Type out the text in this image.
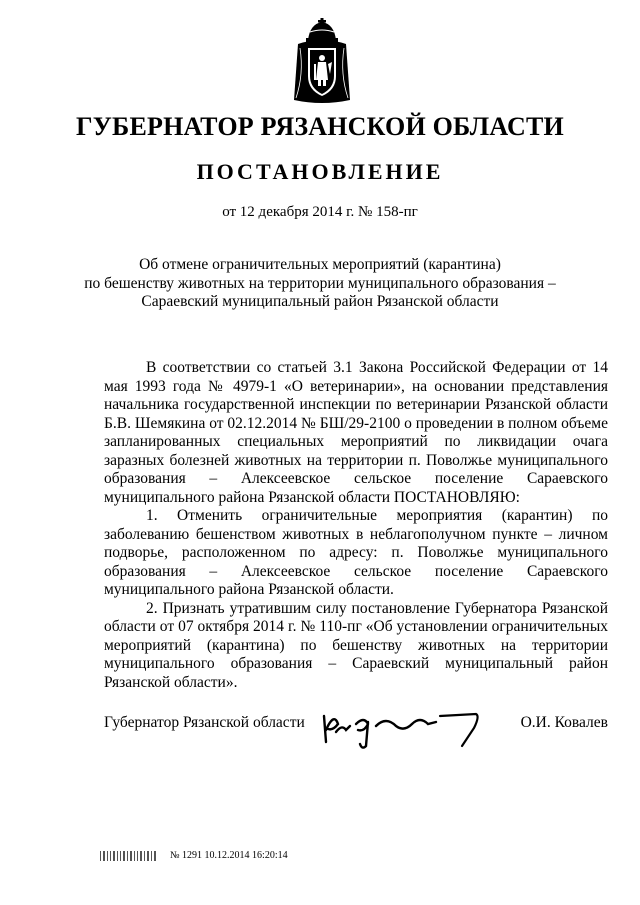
ГУБЕРНАТОР РЯЗАНСКОЙ ОБЛАСТИ
ПОСТАНОВЛЕНИЕ
от 12 декабря 2014 г. № 158-пг
Об отмене ограничительных мероприятий (карантина)
по бешенству животных на территории муниципального образования –
Сараевский муниципальный район Рязанской области

В соответствии со статьей 3.1 Закона Российской Федерации от 14 мая 1993 года № 4979-1 «О ветеринарии», на основании представления начальника государственной инспекции по ветеринарии Рязанской области Б.В. Шемякина от 02.12.2014 № БШ/29-2100 о проведении в полном объеме запланированных специальных мероприятий по ликвидации очага заразных болезней животных на территории п. Поволжье муниципального образования – Алексеевское сельское поселение Сараевского муниципального района Рязанской области ПОСТАНОВЛЯЮ:

1. Отменить ограничительные мероприятия (карантин) по заболеванию бешенством животных в неблагополучном пункте – личном подворье, расположенном по адресу: п. Поволжье муниципального образования – Алексеевское сельское поселение Сараевского муниципального района Рязанской области.

2. Признать утратившим силу постановление Губернатора Рязанской области от 07 октября 2014 г. № 110-пг «Об установлении ограничительных мероприятий (карантина) по бешенству животных на территории муниципального образования – Сараевский муниципальный район Рязанской области».

Губернатор Рязанской области	О.И. Ковалев
№ 1291 10.12.2014 16:20:14
